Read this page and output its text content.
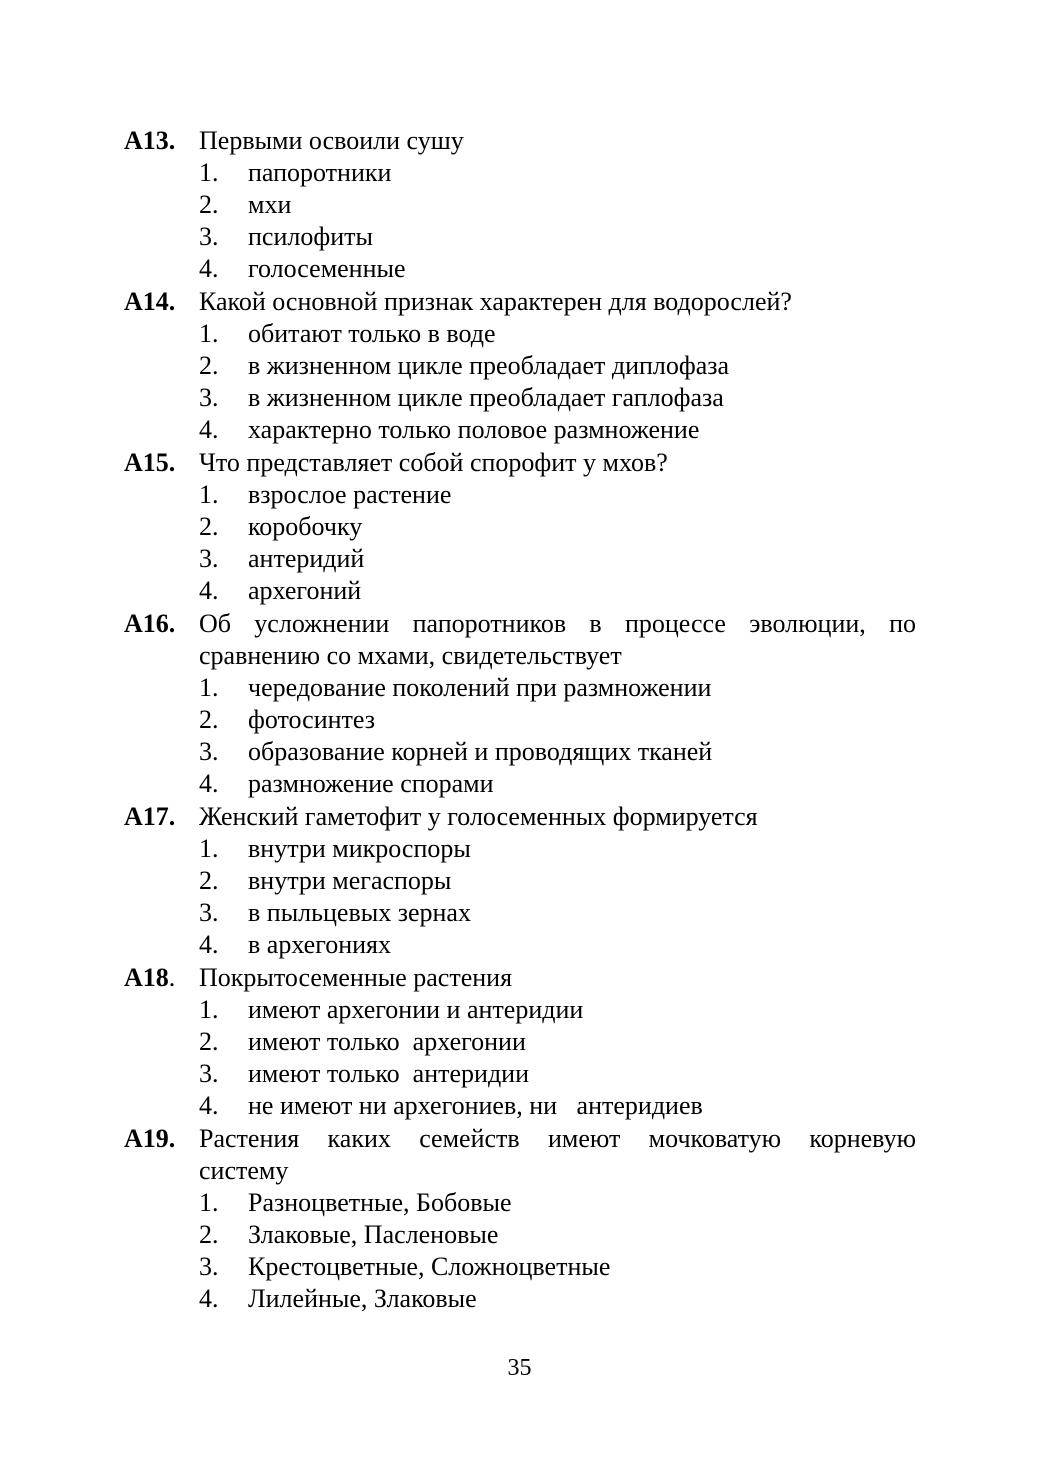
A13. Первыми освоили сушу
1. папоротники
2. мхи
3. псилофиты
4. голосеменные
A14. Какой основной признак характерен для водорослей?
1. обитают только в воде
2. в жизненном цикле преобладает диплофаза
3. в жизненном цикле преобладает гаплофаза
4. характерно только половое размножение
A15. Что представляет собой спорофит у мхов?
1. взрослое растение
2. коробочку
3. антеридий
4. архегоний
A16. Об усложнении папоротников в процессе эволюции, по
сравнению со мхами, свидетельствует
1. чередование поколений при размножении
2. фотосинтез
3. образование корней и проводящих тканей
4. размножение спорами
A17. Женский гаметофит у голосеменных формируется
1. внутри микроспоры
2. внутри мегаспоры
3. в пыльцевых зернах
4. в архегониях
A18. Покрытосеменные растения
1. имеют архегонии и антеридии
2. имеют только  архегонии
3. имеют только  антеридии
4. не имеют ни архегониев, ни   антеридиев
A19. Растения каких семейств имеют мочковатую корневую
систему
1. Разноцветные, Бобовые
2. Злаковые, Пасленовые
3. Крестоцветные, Сложноцветные
4. Лилейные, Злаковые
35
